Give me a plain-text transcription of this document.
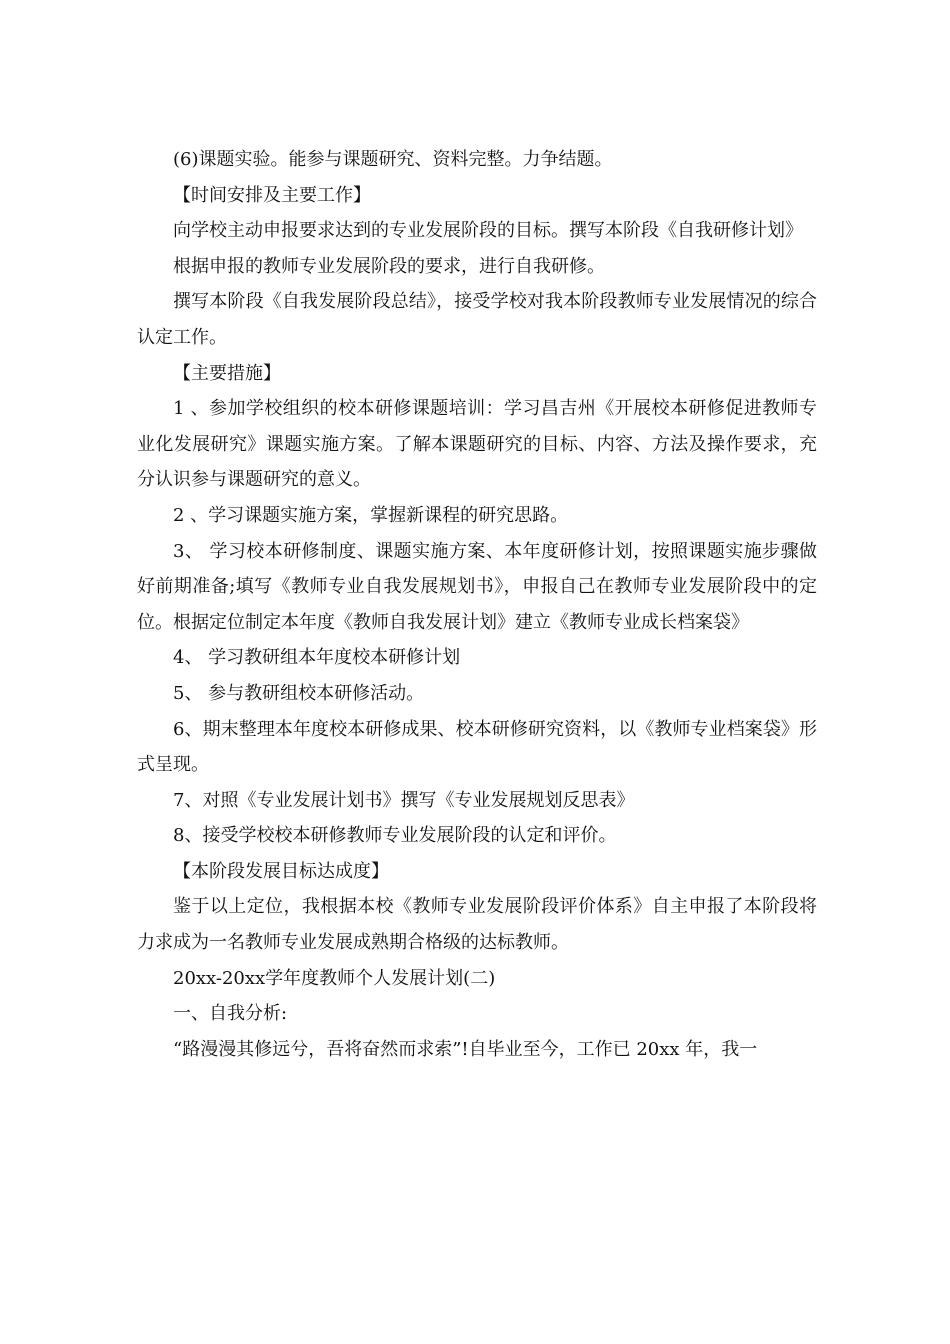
(6)课题实验。能参与课题研究、资料完整。力争结题。

【时间安排及主要工作】

向学校主动申报要求达到的专业发展阶段的目标。撰写本阶段《自我研修计划》

根据申报的教师专业发展阶段的要求，进行自我研修。

撰写本阶段《自我发展阶段总结》，接受学校对我本阶段教师专业发展情况的综合认定工作。

【主要措施】

1 、参加学校组织的校本研修课题培训：学习昌吉州《开展校本研修促进教师专业化发展研究》课题实施方案。了解本课题研究的目标、内容、方法及操作要求，充分认识参与课题研究的意义。

2 、学习课题实施方案，掌握新课程的研究思路。

3、 学习校本研修制度、课题实施方案、本年度研修计划，按照课题实施步骤做好前期准备;填写《教师专业自我发展规划书》，申报自己在教师专业发展阶段中的定位。根据定位制定本年度《教师自我发展计划》建立《教师专业成长档案袋》

4、 学习教研组本年度校本研修计划

5、 参与教研组校本研修活动。

6、期末整理本年度校本研修成果、校本研修研究资料，以《教师专业档案袋》形式呈现。

7、对照《专业发展计划书》撰写《专业发展规划反思表》

8、接受学校校本研修教师专业发展阶段的认定和评价。

【本阶段发展目标达成度】

鉴于以上定位，我根据本校《教师专业发展阶段评价体系》自主申报了本阶段将力求成为一名教师专业发展成熟期合格级的达标教师。

20xx-20xx学年度教师个人发展计划(二)

一、自我分析:

“路漫漫其修远兮，吾将奋然而求索”!自毕业至今，工作已 20xx 年，我一
